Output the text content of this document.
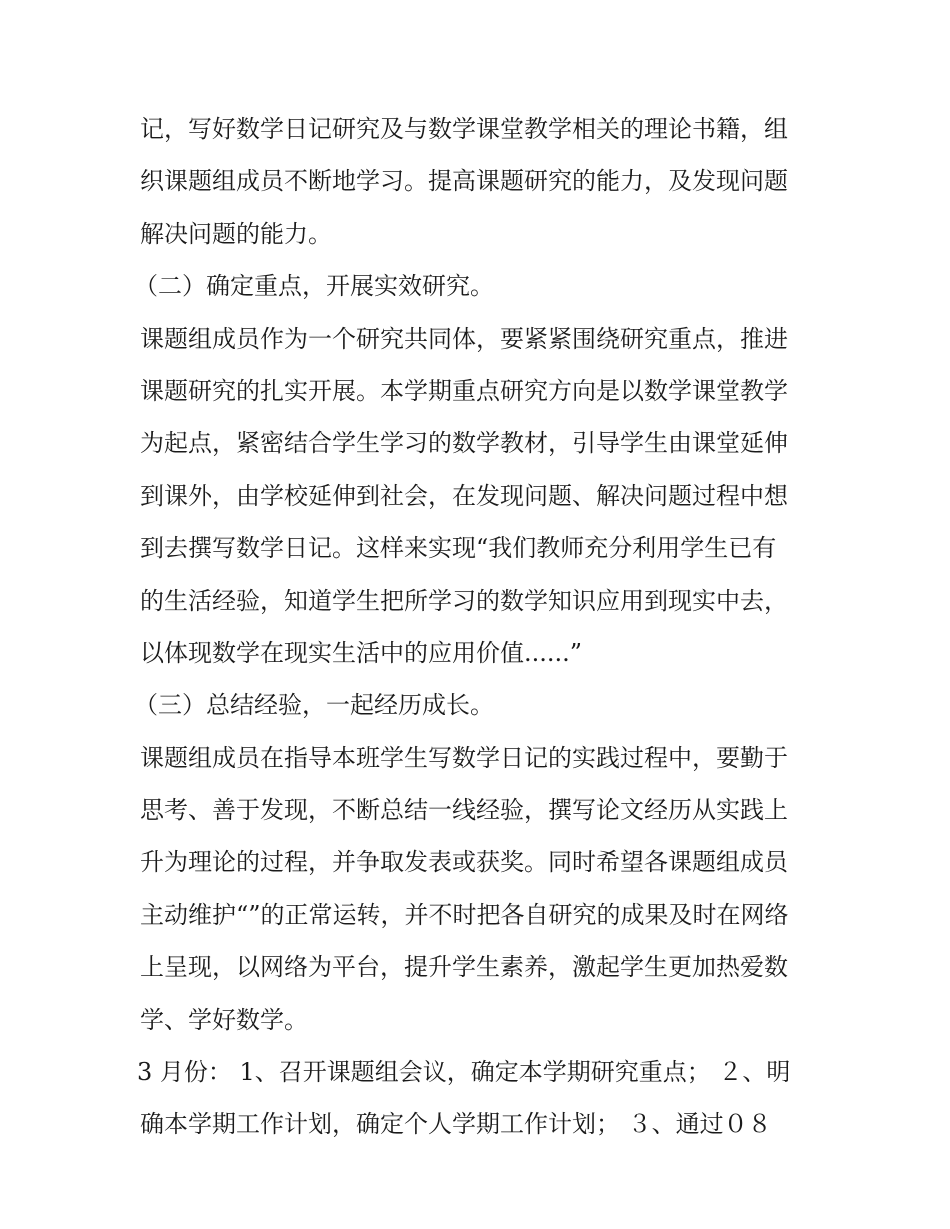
记，写好数学日记研究及与数学课堂教学相关的理论书籍，组

织课题组成员不断地学习。提高课题研究的能力，及发现问题

解决问题的能力。

（二）确定重点，开展实效研究。

课题组成员作为一个研究共同体，要紧紧围绕研究重点，推进

课题研究的扎实开展。本学期重点研究方向是以数学课堂教学

为起点，紧密结合学生学习的数学教材，引导学生由课堂延伸

到课外，由学校延伸到社会，在发现问题、解决问题过程中想

到去撰写数学日记。这样来实现“我们教师充分利用学生已有

的生活经验，知道学生把所学习的数学知识应用到现实中去，

以体现数学在现实生活中的应用价值......”

（三）总结经验，一起经历成长。

课题组成员在指导本班学生写数学日记的实践过程中，要勤于

思考、善于发现，不断总结一线经验，撰写论文经历从实践上

升为理论的过程，并争取发表或获奖。同时希望各课题组成员

主动维护“”的正常运转，并不时把各自研究的成果及时在网络

上呈现，以网络为平台，提升学生素养，激起学生更加热爱数

学、学好数学。

3 月份： 1、召开课题组会议，确定本学期研究重点； ２、明

确本学期工作计划，确定个人学期工作计划； ３、通过０８
